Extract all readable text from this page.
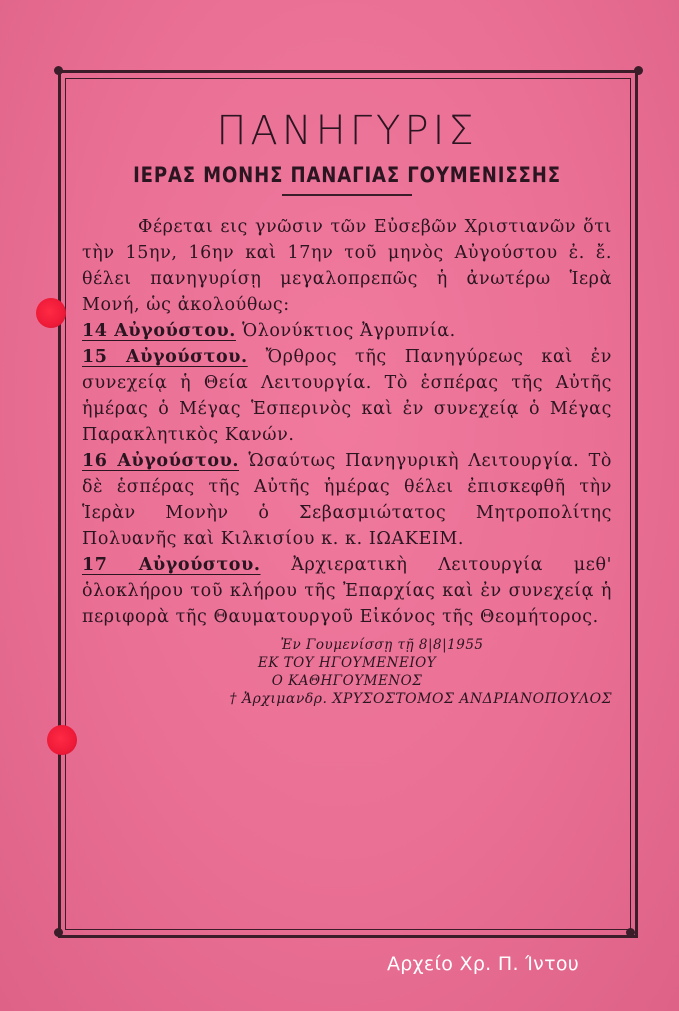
ΠΑΝΗΓΥΡΙΣ
ΙΕΡΑΣ ΜΟΝΗΣ ΠΑΝΑΓΙΑΣ ΓΟΥΜΕΝΙΣΣΗΣ

Φέρεται εις γνῶσιν τῶν Εὐσεβῶν Χριστιανῶν ὅτι τὴν 15ην, 16ην καὶ 17ην τοῦ μηνὸς Αὐγούστου ἐ. ἔ. θέλει πανηγυρίσῃ μεγαλοπρεπῶς ἡ ἀνωτέρω Ἱερὰ Μονή, ὡς ἀκολούθως:

14 Αὐγούστου. Ὁλονύκτιος Ἀγρυπνία.

15 Αὐγούστου. Ὄρθρος τῆς Πανηγύρεως καὶ ἐν συνεχείᾳ ἡ Θεία Λειτουργία. Τὸ ἑσπέρας τῆς Αὐτῆς ἡμέρας ὁ Μέγας Ἑσπερινὸς καὶ ἐν συνεχείᾳ ὁ Μέγας Παρακλητικὸς Κανών.

16 Αὐγούστου. Ὡσαύτως Πανηγυρικὴ Λειτουργία. Τὸ δὲ ἑσπέρας τῆς Αὐτῆς ἡμέρας θέλει ἐπισκεφθῆ τὴν Ἱερὰν Μονὴν ὁ Σεβασμιώτατος Μητροπολίτης Πολυανῆς καὶ Κιλκισίου κ. κ. ΙΩΑΚΕΙΜ.

17 Αὐγούστου. Ἀρχιερατικὴ Λειτουργία μεθ' ὁλοκλήρου τοῦ κλήρου τῆς Ἐπαρχίας καὶ ἐν συνεχείᾳ ἡ περιφορὰ τῆς Θαυματουργοῦ Εἰκόνος τῆς Θεομήτορος.

Ἐν Γουμενίσσῃ τῇ 8|8|1955

ΕΚ ΤΟΥ ΗΓΟΥΜΕΝΕΙΟΥ

Ο ΚΑΘΗΓΟΥΜΕΝΟΣ

† Ἀρχιμανδρ. ΧΡΥΣΟΣΤΟΜΟΣ ΑΝΔΡΙΑΝΟΠΟΥΛΟΣ

Αρχείο Χρ. Π. Ίντου
